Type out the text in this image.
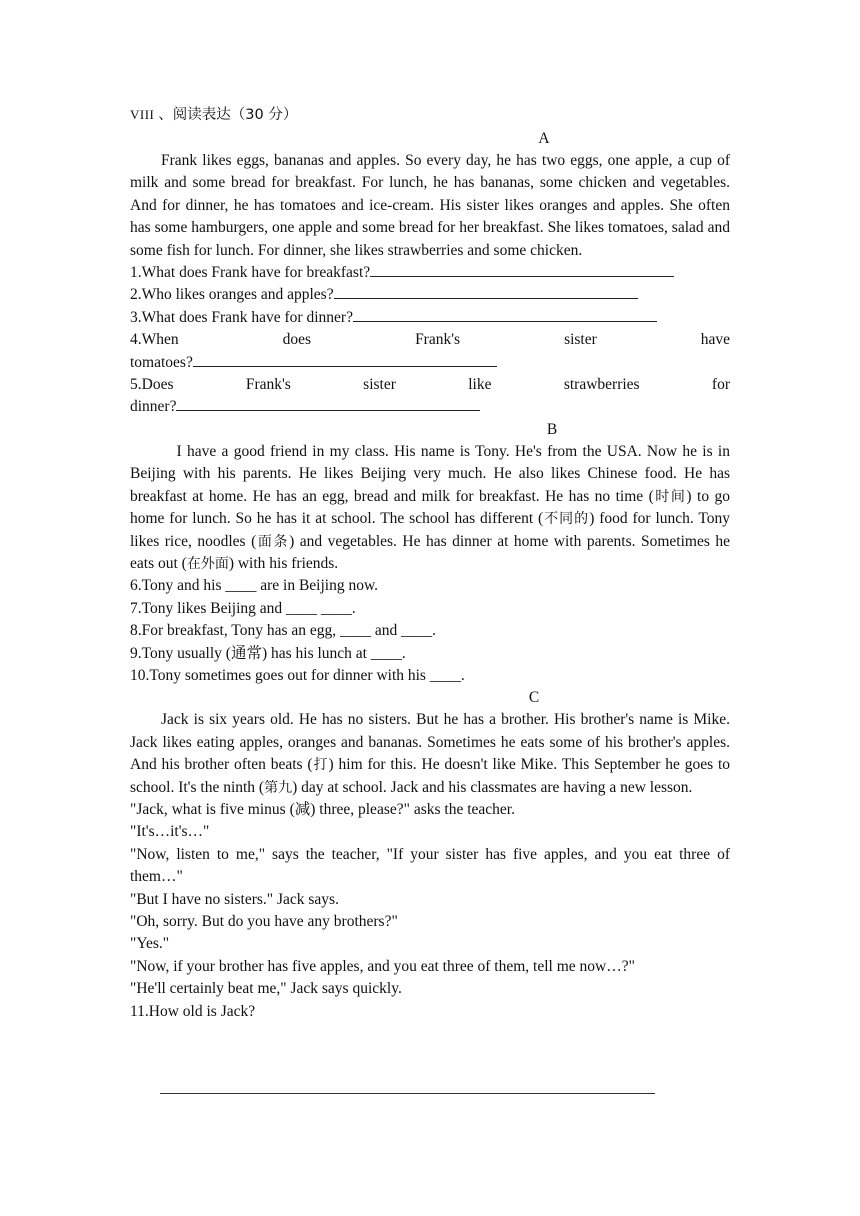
VIII 、阅读表达（30 分）

A

Frank likes eggs, bananas and apples. So every day, he has two eggs, one apple, a cup of milk and some bread for breakfast. For lunch, he has bananas, some chicken and vegetables. And for dinner, he has tomatoes and ice-cream. His sister likes oranges and apples. She often has some hamburgers, one apple and some bread for her breakfast. She likes tomatoes, salad and some fish for lunch. For dinner, she likes strawberries and some chicken.

1.What does Frank have for breakfast?

2.Who likes oranges and apples?

3.What does Frank have for dinner?

4.When	does	Frank's	sister	have

tomatoes?

5.Does	Frank's	sister	like	strawberries	for

dinner?

B

I have a good friend in my class. His name is Tony. He's from the USA. Now he is in Beijing with his parents. He likes Beijing very much. He also likes Chinese food. He has breakfast at home. He has an egg, bread and milk for breakfast. He has no time (时间) to go home for lunch. So he has it at school. The school has different (不同的) food for lunch. Tony likes rice, noodles (面条) and vegetables. He has dinner at home with parents. Sometimes he eats out (在外面) with his friends.

6.Tony and his ____ are in Beijing now.

7.Tony likes Beijing and ____ ____.

8.For breakfast, Tony has an egg, ____ and ____.

9.Tony usually (通常) has his lunch at ____.

10.Tony sometimes goes out for dinner with his ____.

C

Jack is six years old. He has no sisters. But he has a brother. His brother's name is Mike. Jack likes eating apples, oranges and bananas. Sometimes he eats some of his brother's apples. And his brother often beats (打) him for this. He doesn't like Mike. This September he goes to school. It's the ninth (第九) day at school. Jack and his classmates are having a new lesson.

"Jack, what is five minus (减) three, please?" asks the teacher.

"It's…it's…"

"Now, listen to me," says the teacher, "If your sister has five apples, and you eat three of them…"

"But I have no sisters." Jack says.

"Oh, sorry. But do you have any brothers?"

"Yes."

"Now, if your brother has five apples, and you eat three of them, tell me now…?"

"He'll certainly beat me," Jack says quickly.

11.How old is Jack?
